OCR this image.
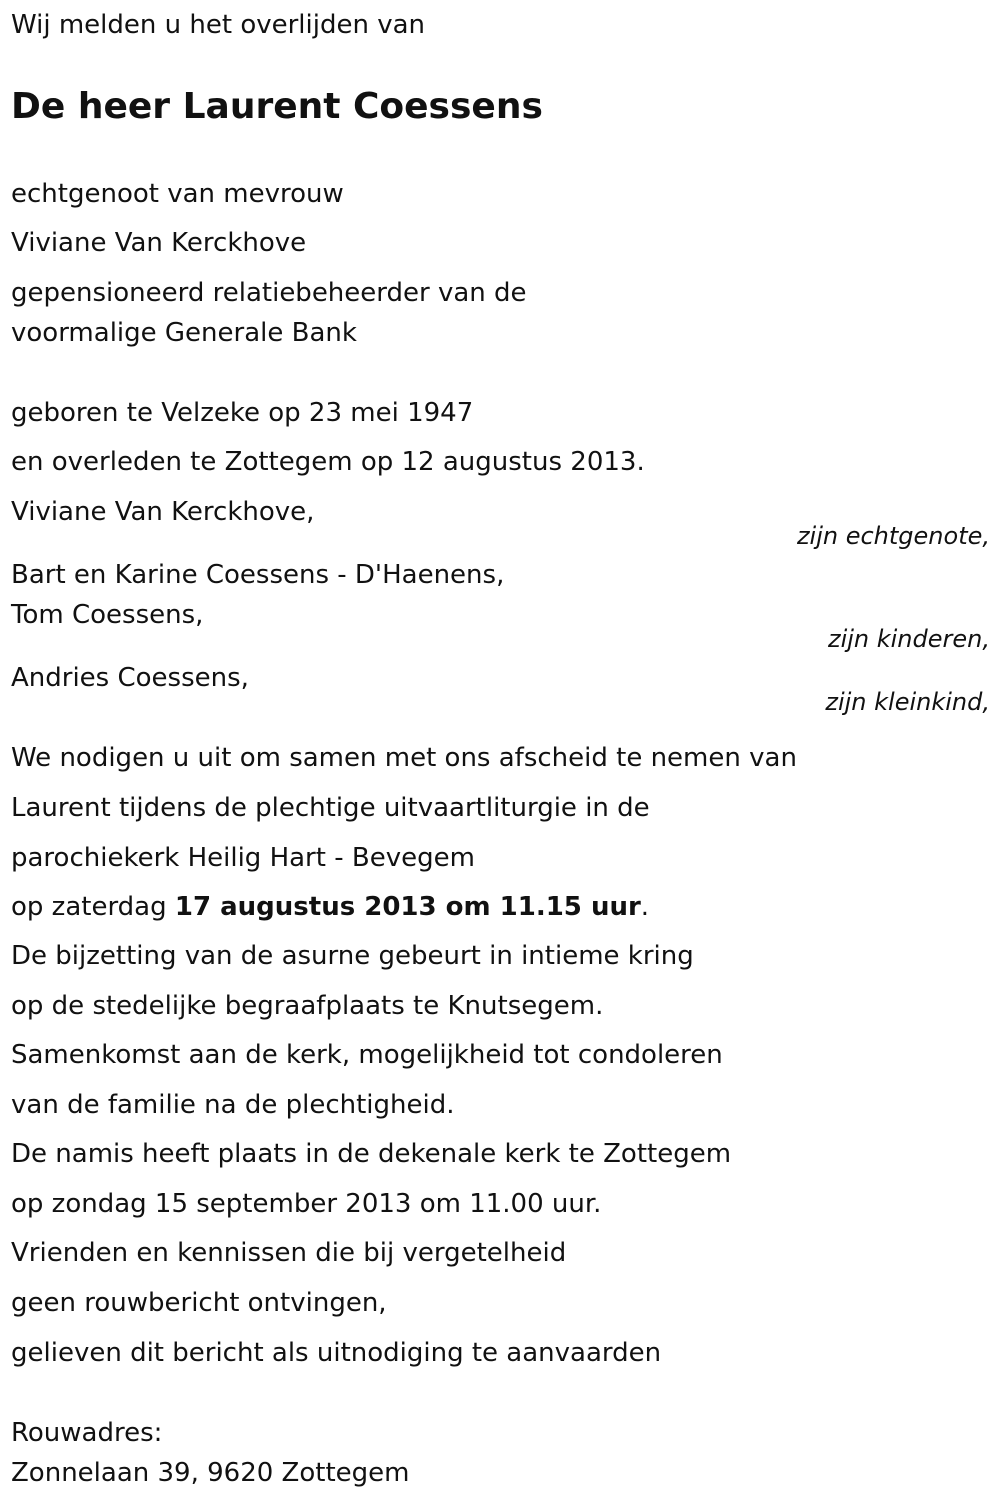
Wij melden u het overlijden van
De heer Laurent Coessens
echtgenoot van mevrouw
Viviane Van Kerckhove
gepensioneerd relatiebeheerder van de
voormalige Generale Bank
geboren te Velzeke op 23 mei 1947
en overleden te Zottegem op 12 augustus 2013.
Viviane Van Kerckhove,
zijn echtgenote,
Bart en Karine Coessens - D'Haenens,
Tom Coessens,
zijn kinderen,
Andries Coessens,
zijn kleinkind,
We nodigen u uit om samen met ons afscheid te nemen van
Laurent tijdens de plechtige uitvaartliturgie in de
parochiekerk Heilig Hart - Bevegem
op zaterdag 17 augustus 2013 om 11.15 uur.
De bijzetting van de asurne gebeurt in intieme kring
op de stedelijke begraafplaats te Knutsegem.
Samenkomst aan de kerk, mogelijkheid tot condoleren
van de familie na de plechtigheid.
De namis heeft plaats in de dekenale kerk te Zottegem
op zondag 15 september 2013 om 11.00 uur.
Vrienden en kennissen die bij vergetelheid
geen rouwbericht ontvingen,
gelieven dit bericht als uitnodiging te aanvaarden
Rouwadres:
Zonnelaan 39, 9620 Zottegem
